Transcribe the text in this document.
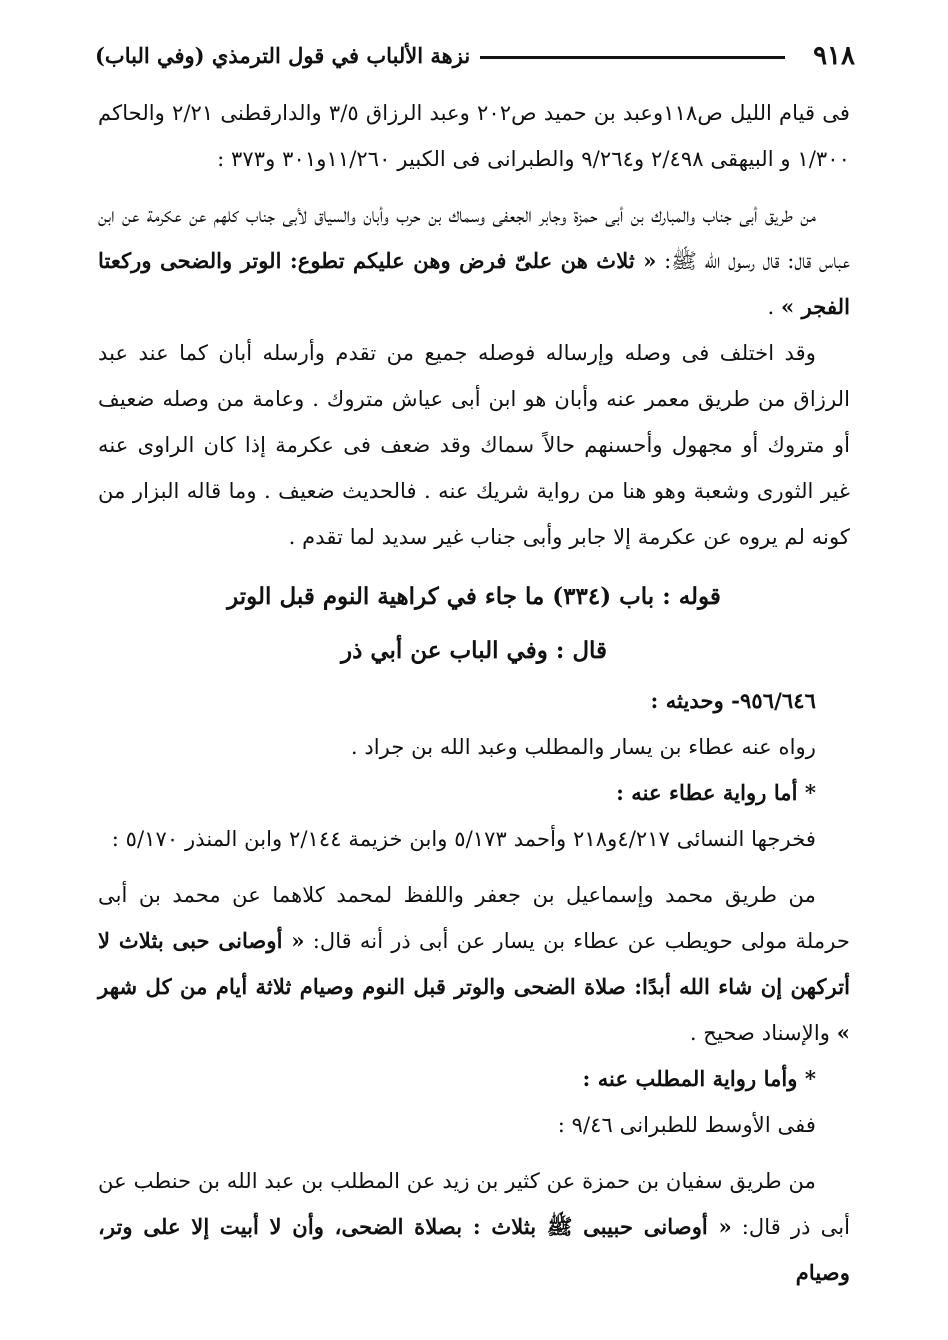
٩١٨
نزهة الألباب في قول الترمذي (وفي الباب)

فى قيام الليل ص١١٨وعبد بن حميد ص٢٠٢ وعبد الرزاق ٣/٥ والدارقطنى ٢/٢١ والحاكم ١/٣٠٠ و البيهقى ٢/٤٩٨ و٩/٢٦٤ والطبرانى فى الكبير ١١/٢٦٠و٣٠١ و٣٧٣ :

من طريق أبى جناب والمبارك بن أبى حمزة وجابر الجعفى وسماك بن حرب وأبان والسياق لأبى جناب كلهم عن عكرمة عن ابن عباس قال: قال رسول الله ﷺ: « ثلاث هن علىّ فرض وهن عليكم تطوع: الوتر والضحى وركعتا الفجر » .

وقد اختلف فى وصله وإرساله فوصله جميع من تقدم وأرسله أبان كما عند عبد الرزاق من طريق معمر عنه وأبان هو ابن أبى عياش متروك . وعامة من وصله ضعيف أو متروك أو مجهول وأحسنهم حالاً سماك وقد ضعف فى عكرمة إذا كان الراوى عنه غير الثورى وشعبة وهو هنا من رواية شريك عنه . فالحديث ضعيف . وما قاله البزار من كونه لم يروه عن عكرمة إلا جابر وأبى جناب غير سديد لما تقدم .

قوله : باب (٣٣٤) ما جاء في كراهية النوم قبل الوتر

قال : وفي الباب عن أبي ذر

٩٥٦/٦٤٦- وحديثه :

رواه عنه عطاء بن يسار والمطلب وعبد الله بن جراد .

* أما رواية عطاء عنه :

فخرجها النسائى ٤/٢١٧و٢١٨ وأحمد ٥/١٧٣ وابن خزيمة ٢/١٤٤ وابن المنذر ٥/١٧٠ :

من طريق محمد وإسماعيل بن جعفر واللفظ لمحمد كلاهما عن محمد بن أبى حرملة مولى حويطب عن عطاء بن يسار عن أبى ذر أنه قال: « أوصانى حبى بثلاث لا أتركهن إن شاء الله أبدًا: صلاة الضحى والوتر قبل النوم وصيام ثلاثة أيام من كل شهر » والإسناد صحيح .

* وأما رواية المطلب عنه :

ففى الأوسط للطبرانى ٩/٤٦ :

من طريق سفيان بن حمزة عن كثير بن زيد عن المطلب بن عبد الله بن حنطب عن أبى ذر قال: « أوصانى حبيبى ﷺ بثلاث : بصلاة الضحى، وأن لا أبيت إلا على وتر، وصيام
